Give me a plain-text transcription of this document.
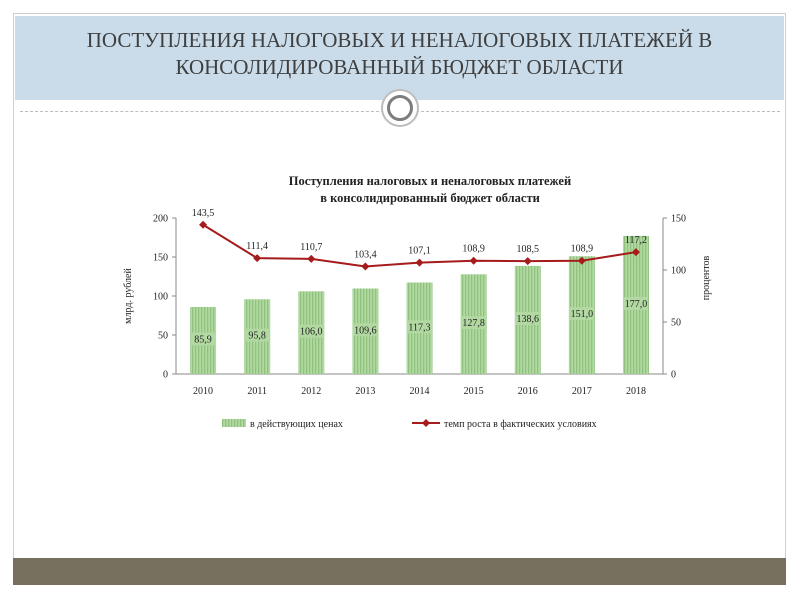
ПОСТУПЛЕНИЯ НАЛОГОВЫХ И НЕНАЛОГОВЫХ ПЛАТЕЖЕЙ В
КОНСОЛИДИРОВАННЫЙ БЮДЖЕТ ОБЛАСТИ
Поступления налоговых и неналоговых платежей
в консолидированный бюджет области
млрд. рублей	процентов
0
50
100
150
200
0
50
100
150
85,9	95,8	106,0	109,6	117,3	127,8	138,6	151,0
177,0
143,5
111,4	110,7
103,4	107,1	108,9	108,5	108,9
117,2
2010	2011	2012	2013	2014	2015	2016	2017	2018
в действующих ценах	темп роста в фактических условиях
